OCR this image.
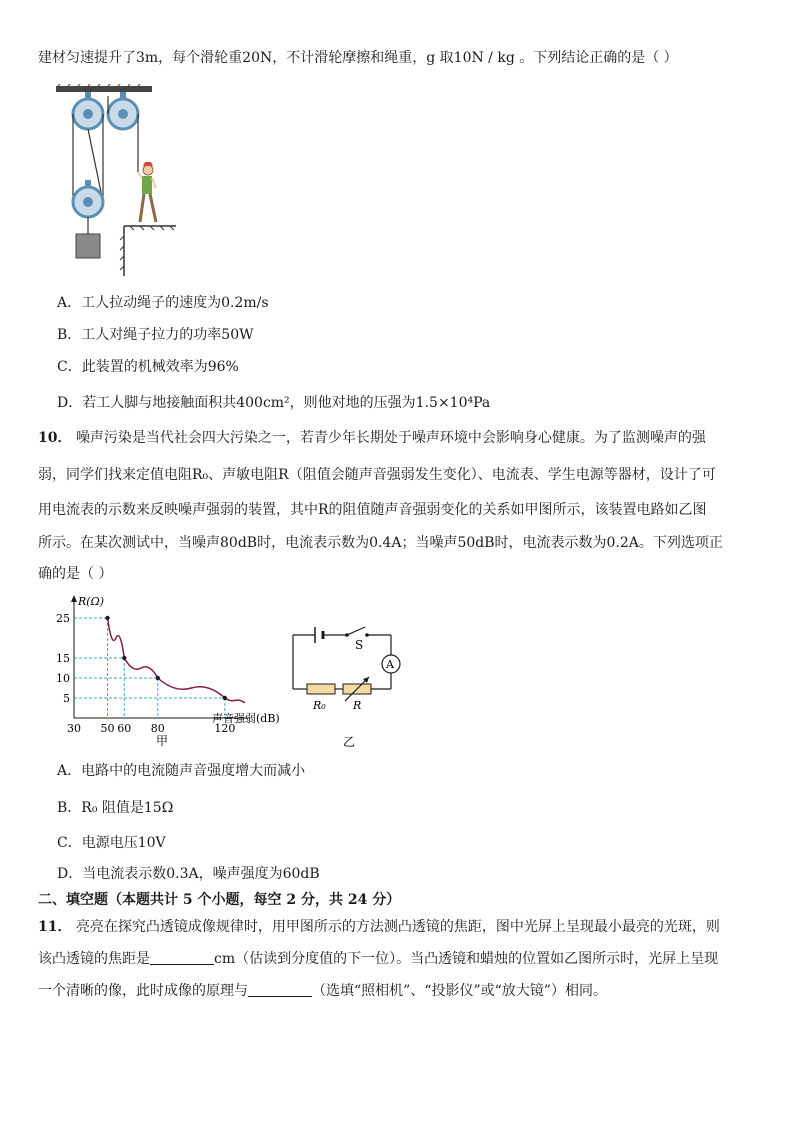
建材匀速提升了3m，每个滑轮重20N，不计滑轮摩擦和绳重，g 取10N / kg 。下列结论正确的是（ ）
A．工人拉动绳子的速度为0.2m/s
B．工人对绳子拉力的功率50W
C．此装置的机械效率为96%
D．若工人脚与地接触面积共400cm²，则他对地的压强为1.5×10⁴Pa
10． 噪声污染是当代社会四大污染之一，若青少年长期处于噪声环境中会影响身心健康。为了监测噪声的强
弱，同学们找来定值电阻R₀、声敏电阻R（阻值会随声音强弱发生变化）、电流表、学生电源等器材，设计了可
用电流表的示数来反映噪声强弱的装置，其中R的阻值随声音强弱变化的关系如甲图所示，该装置电路如乙图
所示。在某次测试中，当噪声80dB时，电流表示数为0.4A；当噪声50dB时，电流表示数为0.2A。下列选项正
确的是（ ）
5
10
15
25
30 50 60 80	120
R(Ω)
声音强弱(dB)
甲
S
A
R₀ R
乙
A．电路中的电流随声音强度增大而减小
B．R₀ 阻值是15Ω
C．电源电压10V
D．当电流表示数0.3A，噪声强度为60dB
二、填空题（本题共计 5 个小题，每空 2 分，共 24 分）
11． 亮亮在探究凸透镜成像规律时，用甲图所示的方法测凸透镜的焦距，图中光屏上呈现最小最亮的光斑，则
该凸透镜的焦距是	cm（估读到分度值的下一位）。当凸透镜和蜡烛的位置如乙图所示时，光屏上呈现
一个清晰的像，此时成像的原理与	（选填“照相机”、“投影仪”或“放大镜”）相同。
